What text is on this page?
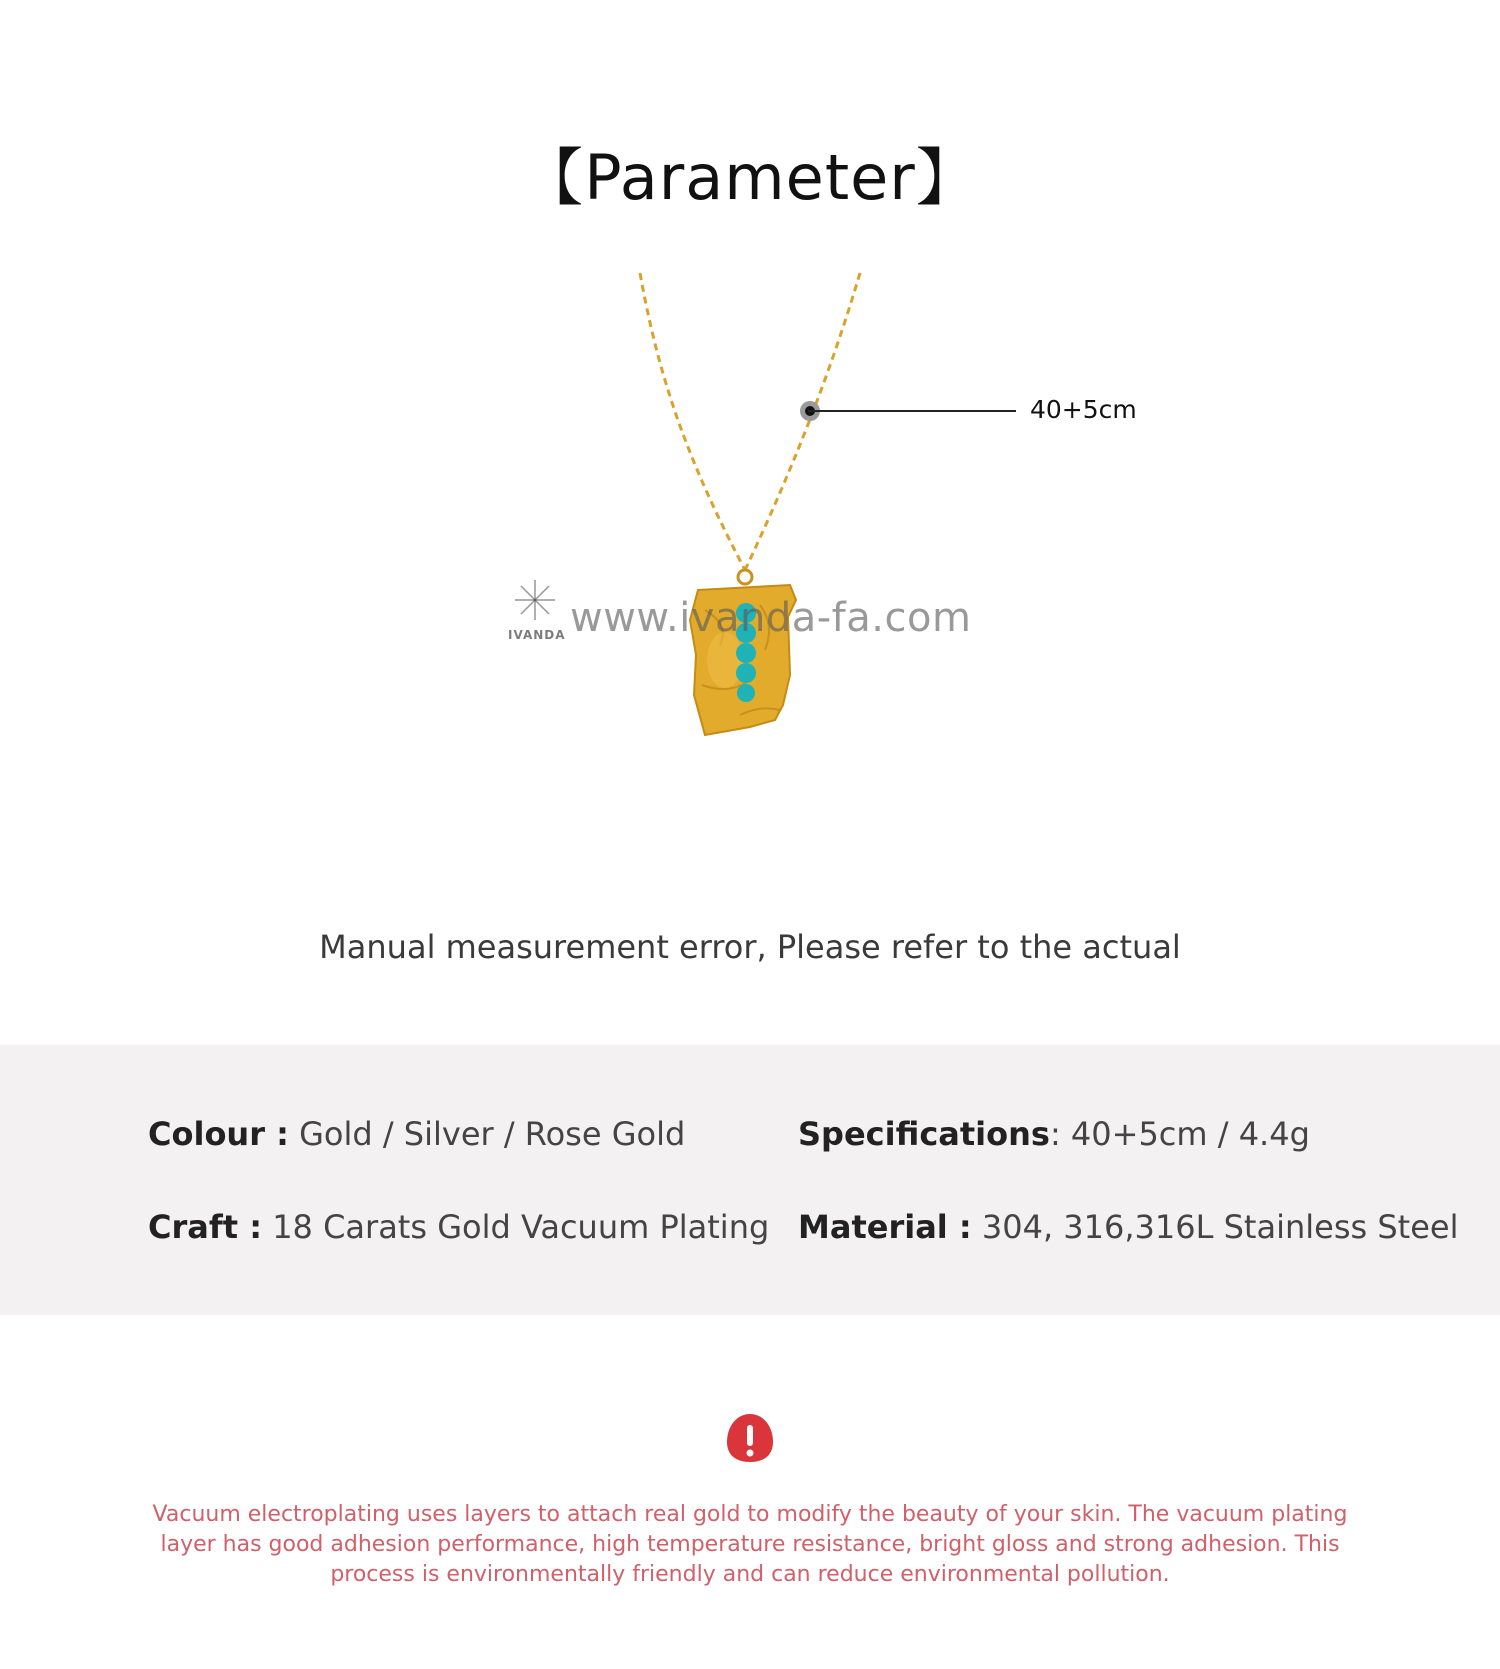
【Parameter】
40+5cm
www.ivanda-fa.com
IVANDA
Manual measurement error, Please refer to the actual
Colour : Gold / Silver / Rose Gold	Specifications: 40+5cm / 4.4g
Craft : 18 Carats Gold Vacuum Plating Material : 304, 316,316L Stainless Steel
Vacuum electroplating uses layers to attach real gold to modify the beauty of your skin. The vacuum plating layer has good adhesion performance, high temperature resistance, bright gloss and strong adhesion. This process is environmentally friendly and can reduce environmental pollution.
